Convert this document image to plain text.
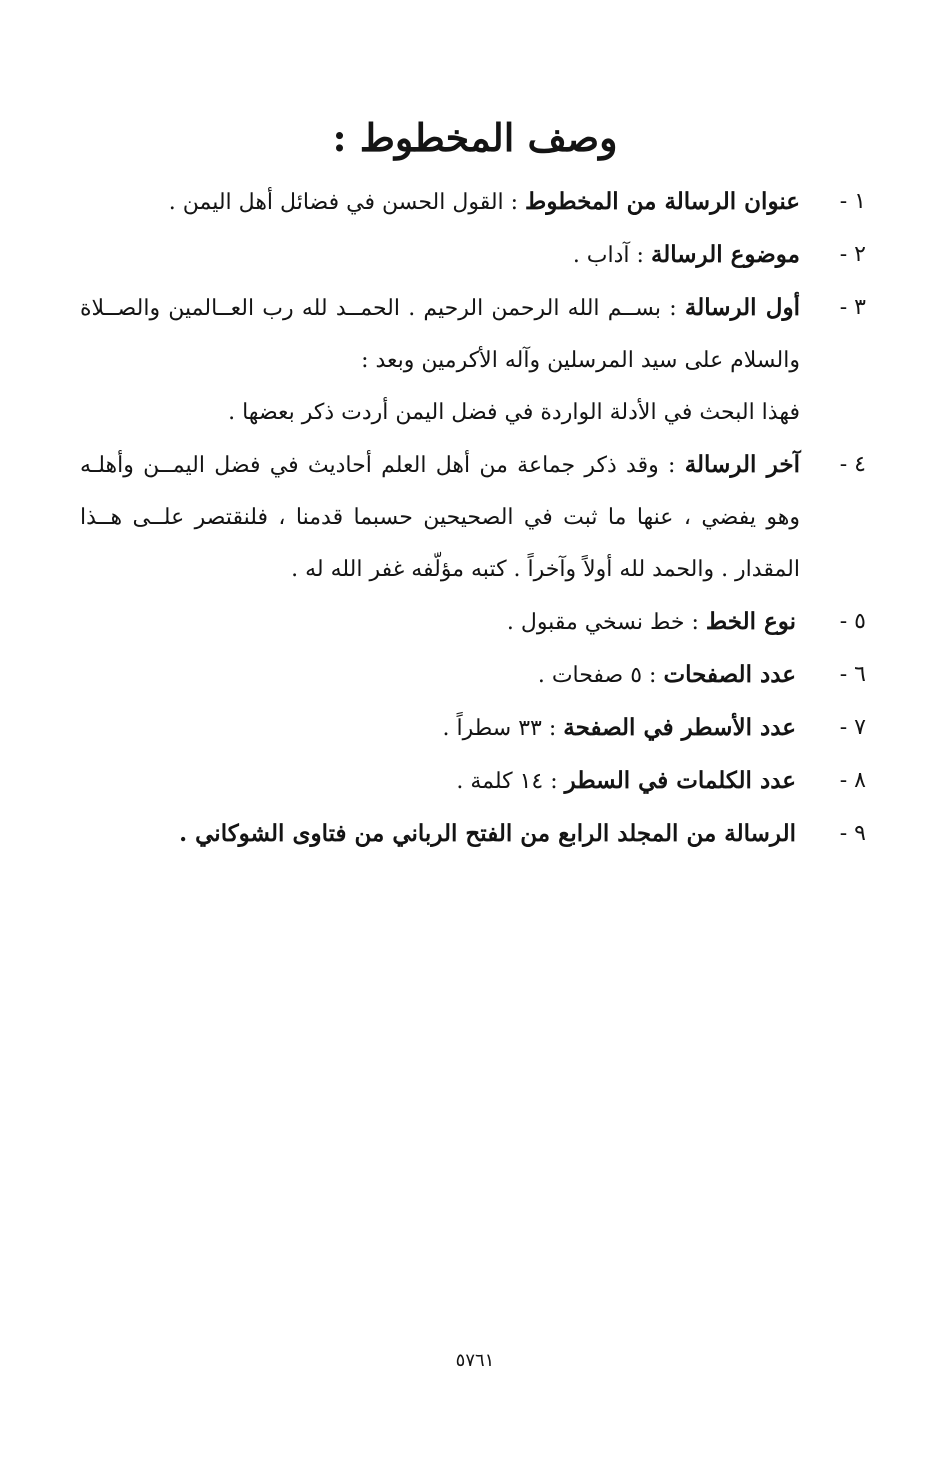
وصف المخطوط :
١ -
عنوان الرسالة من المخطوط : القول الحسن في فضائل أهل اليمن .
٢ -
موضوع الرسالة : آداب .
٣ -
أول الرسالة : بســم الله الرحمن الرحيم . الحمــد لله رب العــالمين والصــلاة
والسلام على سيد المرسلين وآله الأكرمين وبعد :
فهذا البحث في الأدلة الواردة في فضل اليمن أردت ذكر بعضها .
٤ -
آخر الرسالة : وقد ذكر جماعة من أهل العلم أحاديث في فضل اليمــن وأهلـه
وهو يفضي ، عنها ما ثبت في الصحيحين حسبما قدمنا ، فلنقتصر علــى هــذا
المقدار . والحمد لله أولاً وآخراً . كتبه مؤلّفه غفر الله له .
٥ -
نوع الخط : خط نسخي مقبول .
٦ -
عدد الصفحات : ٥ صفحات .
٧ -
عدد الأسطر في الصفحة : ٣٣ سطراً .
٨ -
عدد الكلمات في السطر : ١٤ كلمة .
٩ -
الرسالة من المجلد الرابع من الفتح الرباني من فتاوى الشوكاني .
٥٧٦١
